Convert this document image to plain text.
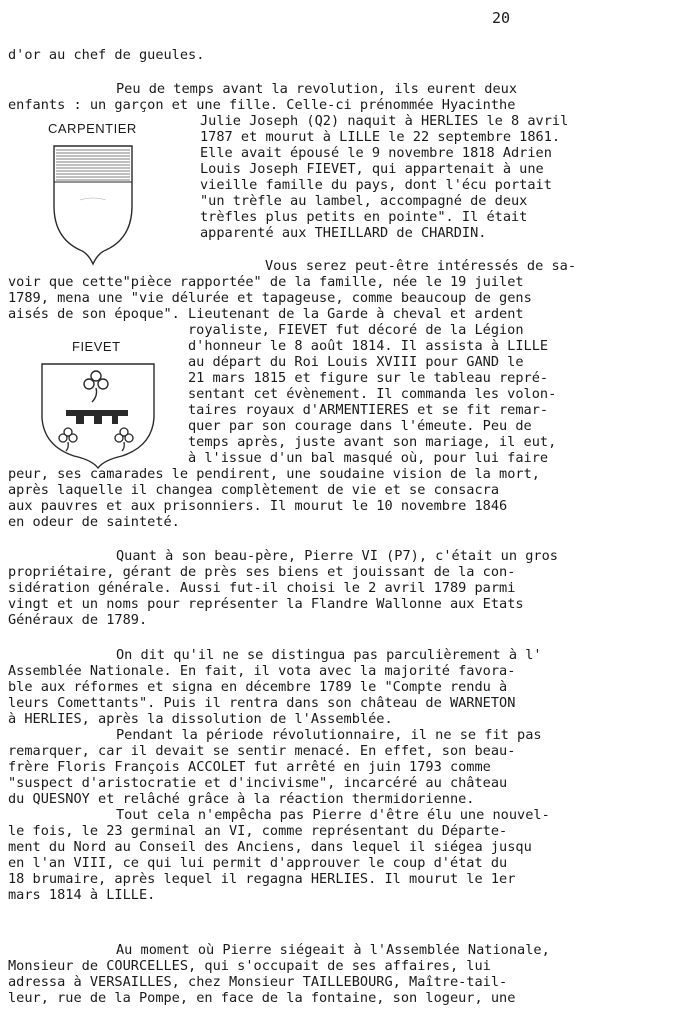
20
CARPENTIER
FIEVET
d'or au chef de gueules.
Peu de temps avant la revolution, ils eurent deux
enfants : un garçon et une fille. Celle-ci prénommée Hyacinthe
Julie Joseph (Q2) naquit à HERLIES le 8 avril
1787 et mourut à LILLE le 22 septembre 1861.
Elle avait épousé le 9 novembre 1818 Adrien
Louis Joseph FIEVET, qui appartenait à une
vieille famille du pays, dont l'écu portait
"un trèfle au lambel, accompagné de deux
trèfles plus petits en pointe". Il était
apparenté aux THEILLARD de CHARDIN.
Vous serez peut-être intéressés de sa-
voir que cette"pièce rapportée" de la famille, née le 19 juilet
1789, mena une "vie délurée et tapageuse, comme beaucoup de gens
aisés de son époque". Lieutenant de la Garde à cheval et ardent
royaliste, FIEVET fut décoré de la Légion
d'honneur le 8 août 1814. Il assista à LILLE
au départ du Roi Louis XVIII pour GAND le
21 mars 1815 et figure sur le tableau repré-
sentant cet évènement. Il commanda les volon-
taires royaux d'ARMENTIERES et se fit remar-
quer par son courage dans l'émeute. Peu de
temps après, juste avant son mariage, il eut,
à l'issue d'un bal masqué où, pour lui faire
peur, ses camarades le pendirent, une soudaine vision de la mort,
après laquelle il changea complètement de vie et se consacra
aux pauvres et aux prisonniers. Il mourut le 10 novembre 1846
en odeur de sainteté.
Quant à son beau-père, Pierre VI (P7), c'était un gros
propriétaire, gérant de près ses biens et jouissant de la con-
sidération générale. Aussi fut-il choisi le 2 avril 1789 parmi
vingt et un noms pour représenter la Flandre Wallonne aux Etats
Généraux de 1789.
On dit qu'il ne se distingua pas parculièrement à l'
Assemblée Nationale. En fait, il vota avec la majorité favora-
ble aux réformes et signa en décembre 1789 le "Compte rendu à
leurs Comettants". Puis il rentra dans son château de WARNETON
à HERLIES, après la dissolution de l'Assemblée.
Pendant la période révolutionnaire, il ne se fit pas
remarquer, car il devait se sentir menacé. En effet, son beau-
frère Floris François ACCOLET fut arrêté en juin 1793 comme
"suspect d'aristocratie et d'incivisme", incarcéré au château
du QUESNOY et relâché grâce à la réaction thermidorienne.
Tout cela n'empêcha pas Pierre d'être élu une nouvel-
le fois, le 23 germinal an VI, comme représentant du Départe-
ment du Nord au Conseil des Anciens, dans lequel il siégea jusqu
en l'an VIII, ce qui lui permit d'approuver le coup d'état du
18 brumaire, après lequel il regagna HERLIES. Il mourut le 1er
mars 1814 à LILLE.
Au moment où Pierre siégeait à l'Assemblée Nationale,
Monsieur de COURCELLES, qui s'occupait de ses affaires, lui
adressa à VERSAILLES, chez Monsieur TAILLEBOURG, Maître-tail-
leur, rue de la Pompe, en face de la fontaine, son logeur, une
